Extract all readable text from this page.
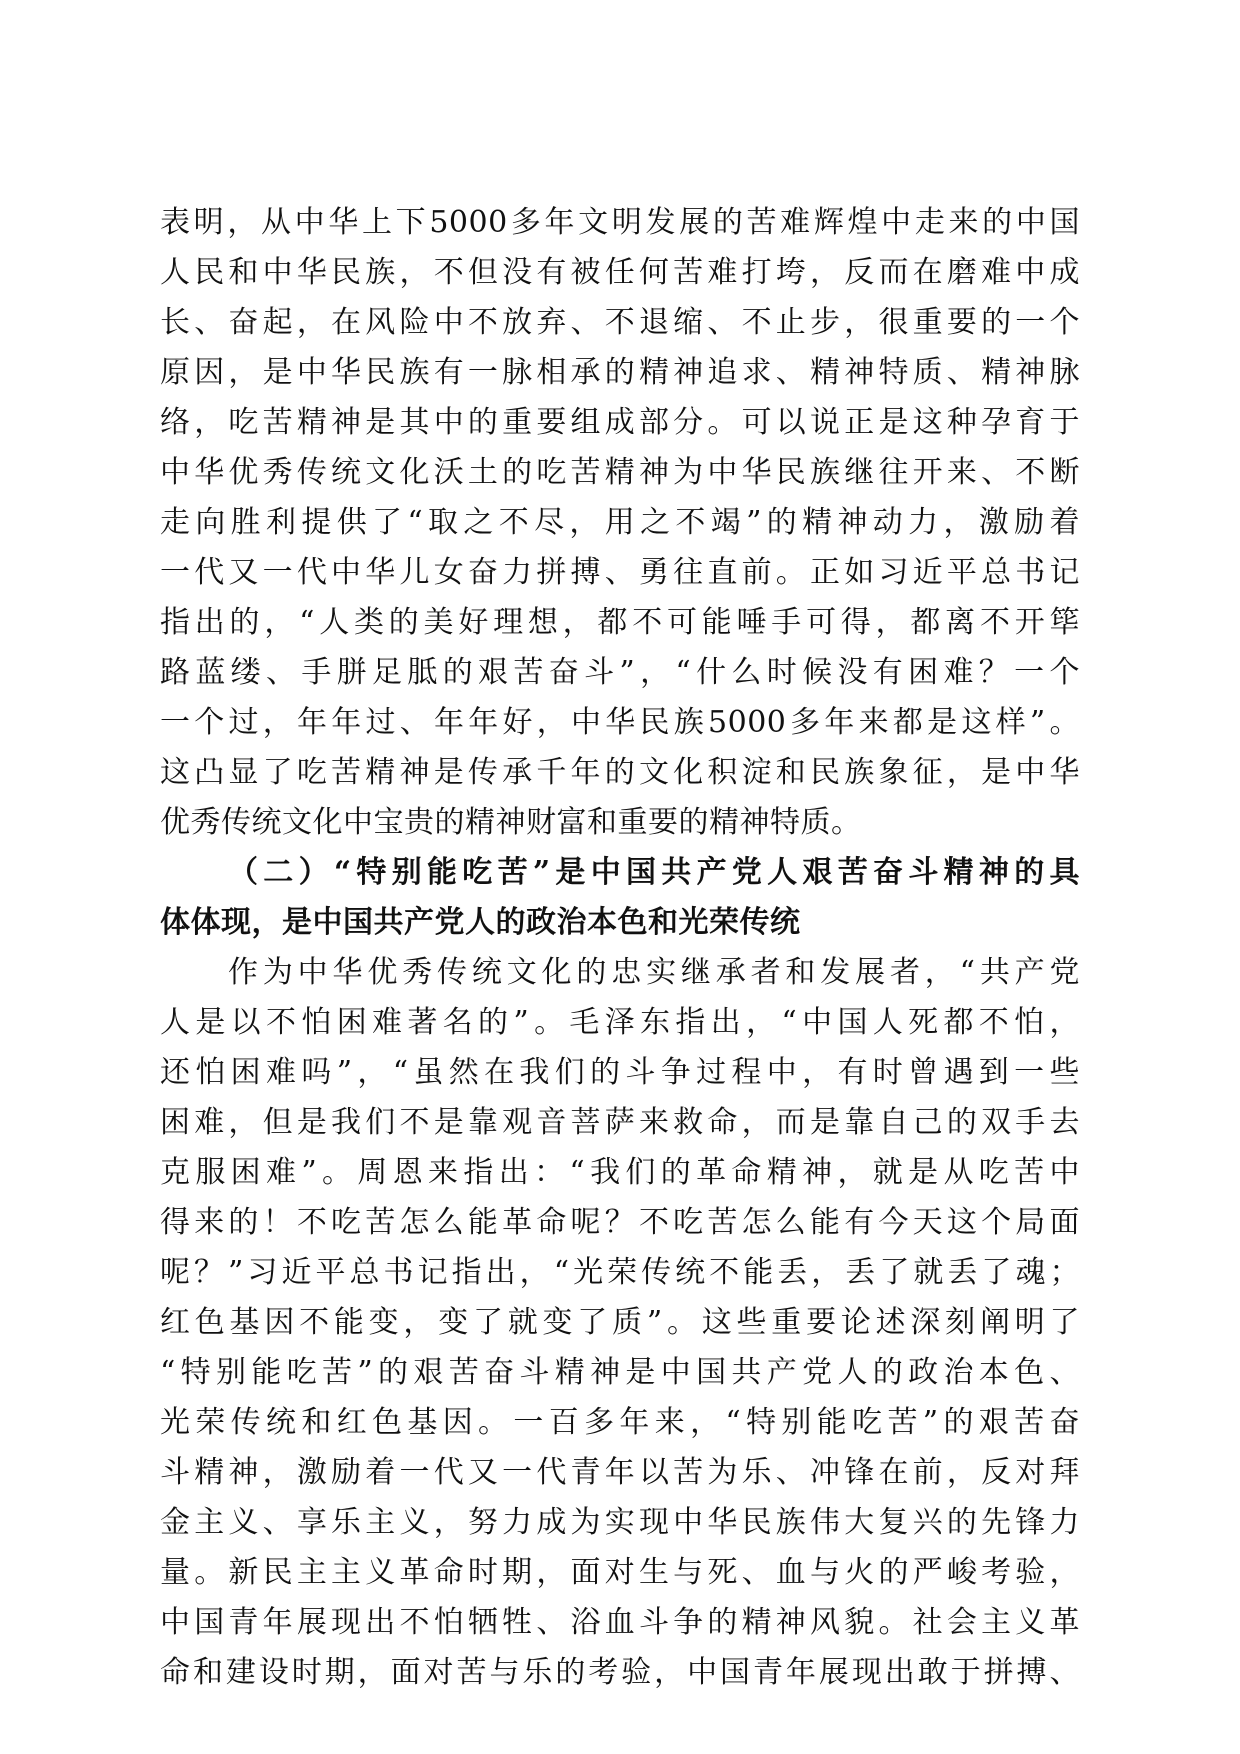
表明，从中华上下5000多年文明发展的苦难辉煌中走来的中国
人民和中华民族，不但没有被任何苦难打垮，反而在磨难中成
长、奋起，在风险中不放弃、不退缩、不止步，很重要的一个
原因，是中华民族有一脉相承的精神追求、精神特质、精神脉
络，吃苦精神是其中的重要组成部分。可以说正是这种孕育于
中华优秀传统文化沃土的吃苦精神为中华民族继往开来、不断
走向胜利提供了“取之不尽，用之不竭”的精神动力，激励着
一代又一代中华儿女奋力拼搏、勇往直前。正如习近平总书记
指出的，“人类的美好理想，都不可能唾手可得，都离不开筚
路蓝缕、手胼足胝的艰苦奋斗”，“什么时候没有困难？一个
一个过，年年过、年年好，中华民族5000多年来都是这样”。
这凸显了吃苦精神是传承千年的文化积淀和民族象征，是中华
优秀传统文化中宝贵的精神财富和重要的精神特质。
（二）“特别能吃苦”是中国共产党人艰苦奋斗精神的具
体体现，是中国共产党人的政治本色和光荣传统
作为中华优秀传统文化的忠实继承者和发展者，“共产党
人是以不怕困难著名的”。毛泽东指出，“中国人死都不怕，
还怕困难吗”，“虽然在我们的斗争过程中，有时曾遇到一些
困难，但是我们不是靠观音菩萨来救命，而是靠自己的双手去
克服困难”。周恩来指出：“我们的革命精神，就是从吃苦中
得来的！不吃苦怎么能革命呢？不吃苦怎么能有今天这个局面
呢？”习近平总书记指出，“光荣传统不能丢，丢了就丢了魂；
红色基因不能变，变了就变了质”。这些重要论述深刻阐明了
“特别能吃苦”的艰苦奋斗精神是中国共产党人的政治本色、
光荣传统和红色基因。一百多年来，“特别能吃苦”的艰苦奋
斗精神，激励着一代又一代青年以苦为乐、冲锋在前，反对拜
金主义、享乐主义，努力成为实现中华民族伟大复兴的先锋力
量。新民主主义革命时期，面对生与死、血与火的严峻考验，
中国青年展现出不怕牺牲、浴血斗争的精神风貌。社会主义革
命和建设时期，面对苦与乐的考验，中国青年展现出敢于拼搏、
